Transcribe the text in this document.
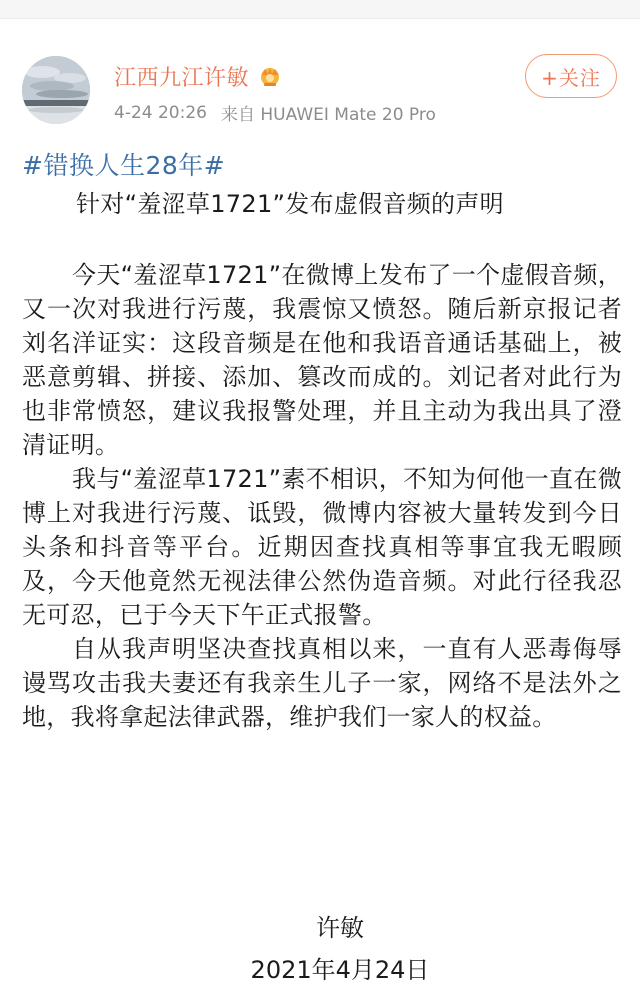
江西九江许敏
4-24 20:26 来自 HUAWEI Mate 20 Pro
+关注
#错换人生28年#
针对“羞涩草1721”发布虚假音频的声明
今天“羞涩草1721”在微博上发布了一个虚假音频，又一次对我进行污蔑，我震惊又愤怒。随后新京报记者刘名洋证实：这段音频是在他和我语音通话基础上，被恶意剪辑、拼接、添加、篡改而成的。刘记者对此行为也非常愤怒，建议我报警处理，并且主动为我出具了澄清证明。
我与“羞涩草1721”素不相识，不知为何他一直在微博上对我进行污蔑、诋毁，微博内容被大量转发到今日头条和抖音等平台。近期因查找真相等事宜我无暇顾及，今天他竟然无视法律公然伪造音频。对此行径我忍无可忍，已于今天下午正式报警。
自从我声明坚决查找真相以来，一直有人恶毒侮辱谩骂攻击我夫妻还有我亲生儿子一家，网络不是法外之地，我将拿起法律武器，维护我们一家人的权益。
许敏
2021年4月24日
